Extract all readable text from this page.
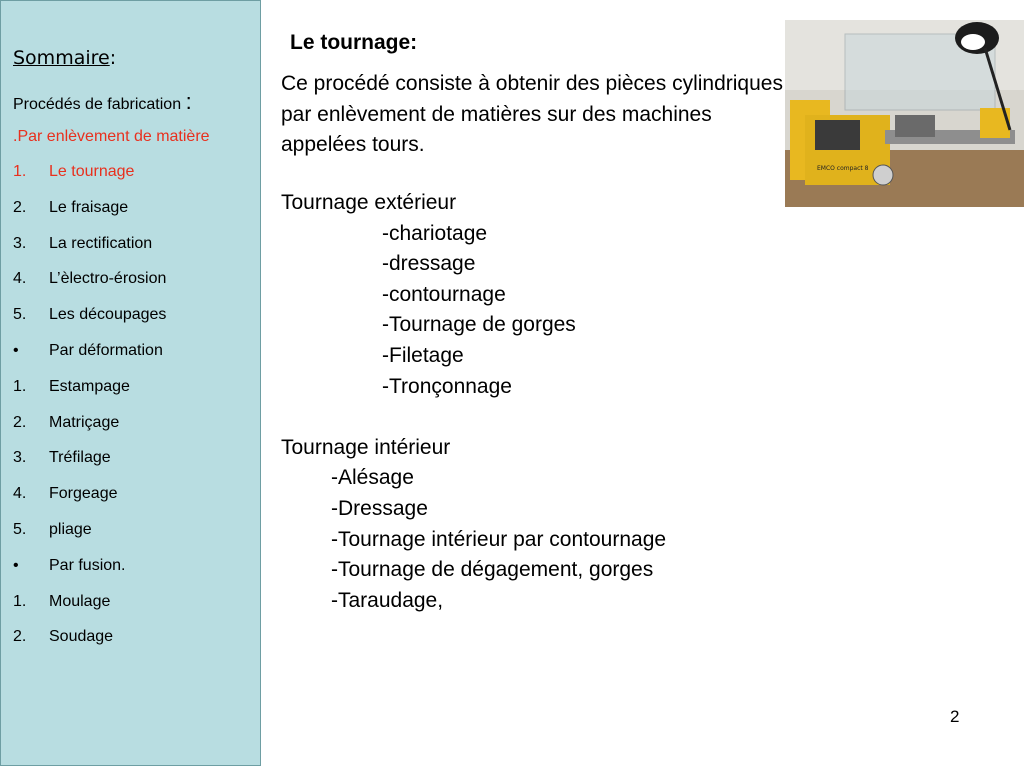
Sommaire:
Procédés de fabrication :
.Par enlèvement de matière
1.	Le tournage
2.	Le fraisage
3.	La rectification
4.	L’èlectro-érosion
5.	Les découpages
•	Par déformation
1.	Estampage
2.	Matriçage
3.	Tréfilage
4.	Forgeage
5.	pliage
•	Par fusion.
1.	Moulage
2.	Soudage
Le tournage:
Ce procédé consiste à obtenir des pièces cylindriques par enlèvement de matières sur des machines appelées tours.
Tournage extérieur
-chariotage
-dressage
-contournage
-Tournage de gorges
-Filetage
-Tronçonnage
Tournage intérieur
-Alésage
-Dressage
-Tournage intérieur par contournage
-Tournage de dégagement, gorges
-Taraudage,
EMCO compact 8
2
